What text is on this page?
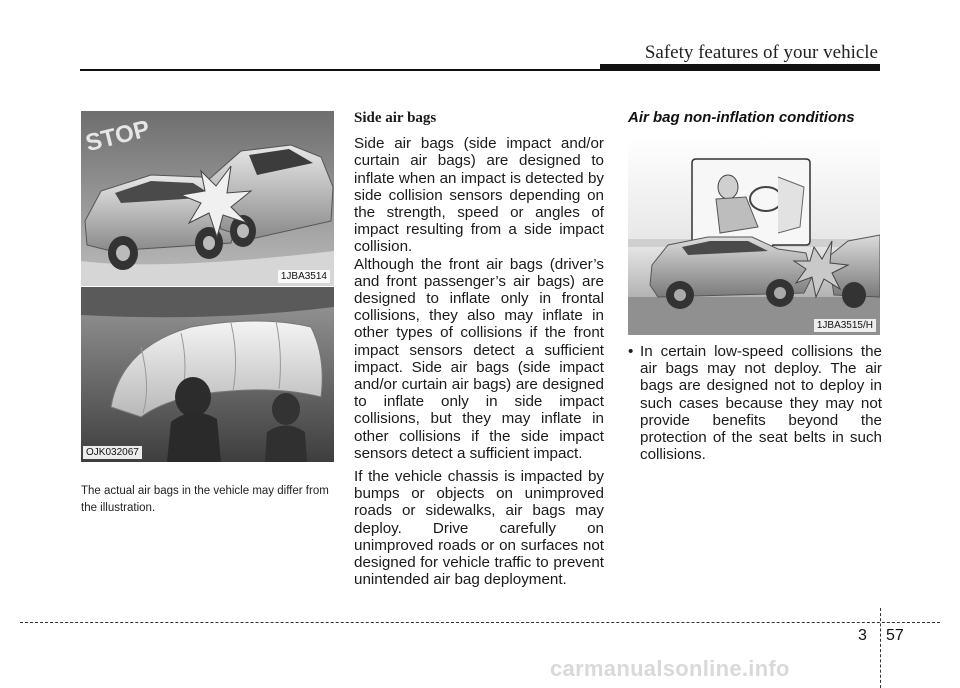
Safety features of your vehicle
STOP
1JBA3514
OJK032067
The actual air bags in the vehicle may differ from the illustration.
Side air bags

Side air bags (side impact and/or curtain air bags) are designed to inflate when an impact is detected by side collision sensors depending on the strength, speed or angles of impact resulting from a side impact collision.

Although the front air bags (driver’s and front passenger’s air bags) are designed to inflate only in frontal collisions, they also may inflate in other types of collisions if the front impact sensors detect a sufficient impact. Side air bags (side impact and/or curtain air bags) are designed to inflate only in side impact collisions, but they may inflate in other collisions if the side impact sensors detect a sufficient impact.

If the vehicle chassis is impacted by bumps or objects on unimproved roads or sidewalks, air bags may deploy. Drive carefully on unimproved roads or on surfaces not designed for vehicle traffic to prevent unintended air bag deployment.

Air bag non-inflation conditions
1JBA3515/H
• In certain low-speed collisions the air bags may not deploy. The air bags are designed not to deploy in such cases because they may not provide benefits beyond the protection of the seat belts in such collisions.
3 57
carmanualsonline.info
